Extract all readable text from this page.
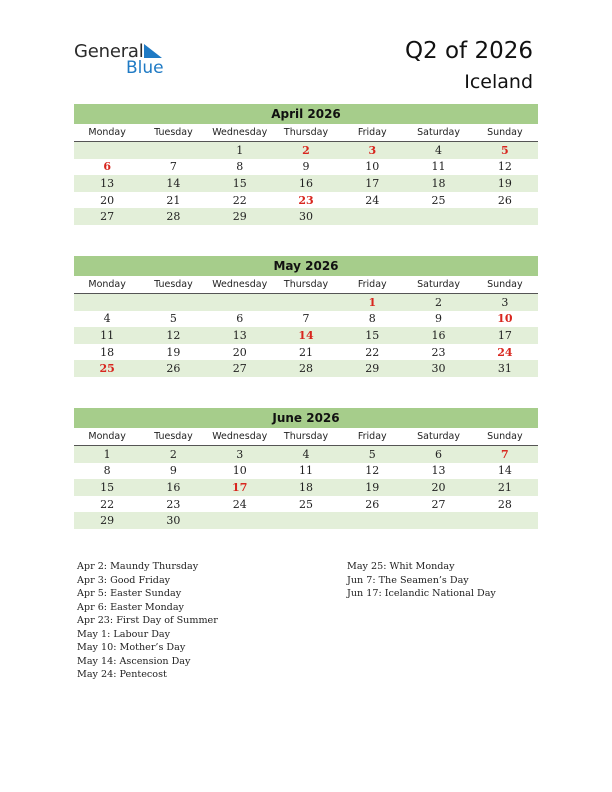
General
Blue
Q2 of 2026
Iceland
April 2026
Monday	Tuesday	Wednesday	Thursday	Friday	Saturday	Sunday
		1	2	3	4	5
6	7	8	9	10	11	12
13	14	15	16	17	18	19
20	21	22	23	24	25	26
27	28	29	30			
May 2026
Monday	Tuesday	Wednesday	Thursday	Friday	Saturday	Sunday
				1	2	3
4	5	6	7	8	9	10
11	12	13	14	15	16	17
18	19	20	21	22	23	24
25	26	27	28	29	30	31
June 2026
Monday	Tuesday	Wednesday	Thursday	Friday	Saturday	Sunday
1	2	3	4	5	6	7
8	9	10	11	12	13	14
15	16	17	18	19	20	21
22	23	24	25	26	27	28
29	30					
Apr 2: Maundy Thursday
Apr 3: Good Friday
Apr 5: Easter Sunday
Apr 6: Easter Monday
Apr 23: First Day of Summer
May 1: Labour Day
May 10: Mother’s Day
May 14: Ascension Day
May 24: Pentecost
May 25: Whit Monday
Jun 7: The Seamen’s Day
Jun 17: Icelandic National Day
